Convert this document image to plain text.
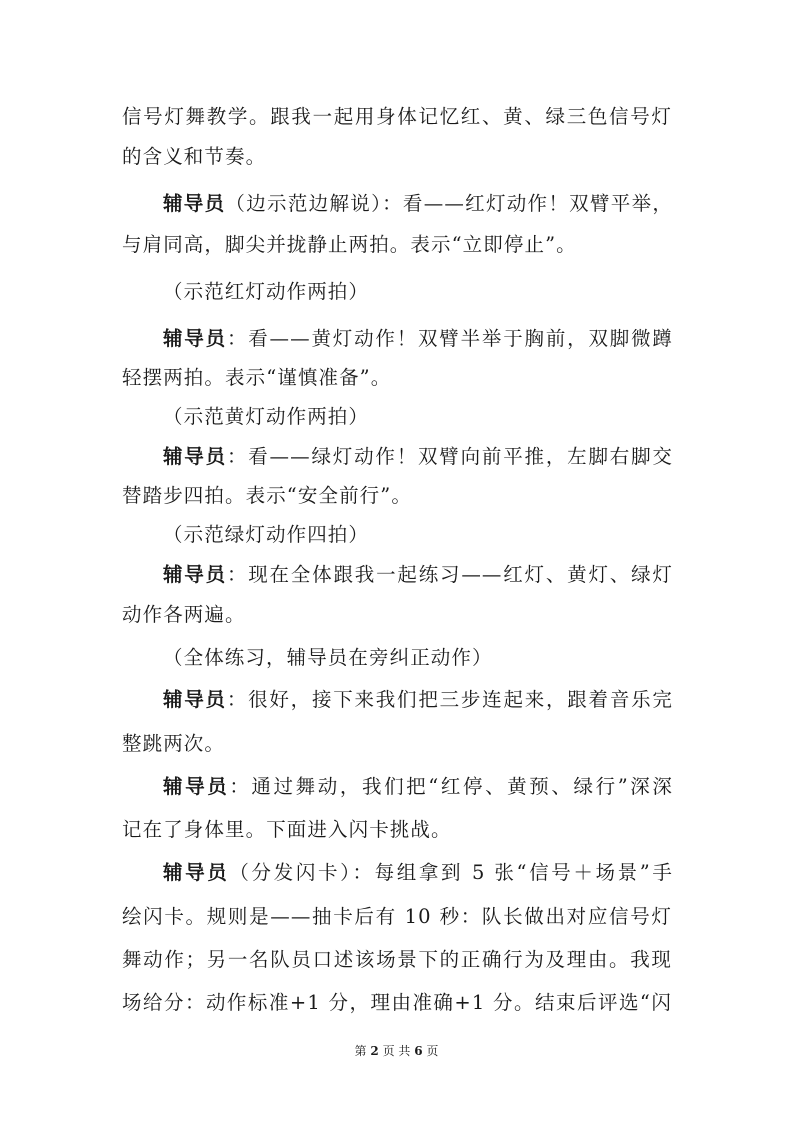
信号灯舞教学。跟我一起用身体记忆红、黄、绿三色信号灯

的含义和节奏。

辅导员（边示范边解说）：看——红灯动作！双臂平举，

与肩同高，脚尖并拢静止两拍。表示“立即停止”。

（示范红灯动作两拍）

辅导员：看——黄灯动作！双臂半举于胸前，双脚微蹲

轻摆两拍。表示“谨慎准备”。

（示范黄灯动作两拍）

辅导员：看——绿灯动作！双臂向前平推，左脚右脚交

替踏步四拍。表示“安全前行”。

（示范绿灯动作四拍）

辅导员：现在全体跟我一起练习——红灯、黄灯、绿灯

动作各两遍。

（全体练习，辅导员在旁纠正动作）

辅导员：很好，接下来我们把三步连起来，跟着音乐完

整跳两次。

辅导员：通过舞动，我们把“红停、黄预、绿行”深深

记在了身体里。下面进入闪卡挑战。

辅导员（分发闪卡）：每组拿到 5 张“信号＋场景”手

绘闪卡。规则是——抽卡后有 10 秒：队长做出对应信号灯

舞动作；另一名队员口述该场景下的正确行为及理由。我现

场给分：动作标准+1 分，理由准确+1 分。结束后评选“闪

第 2 页 共 6 页
